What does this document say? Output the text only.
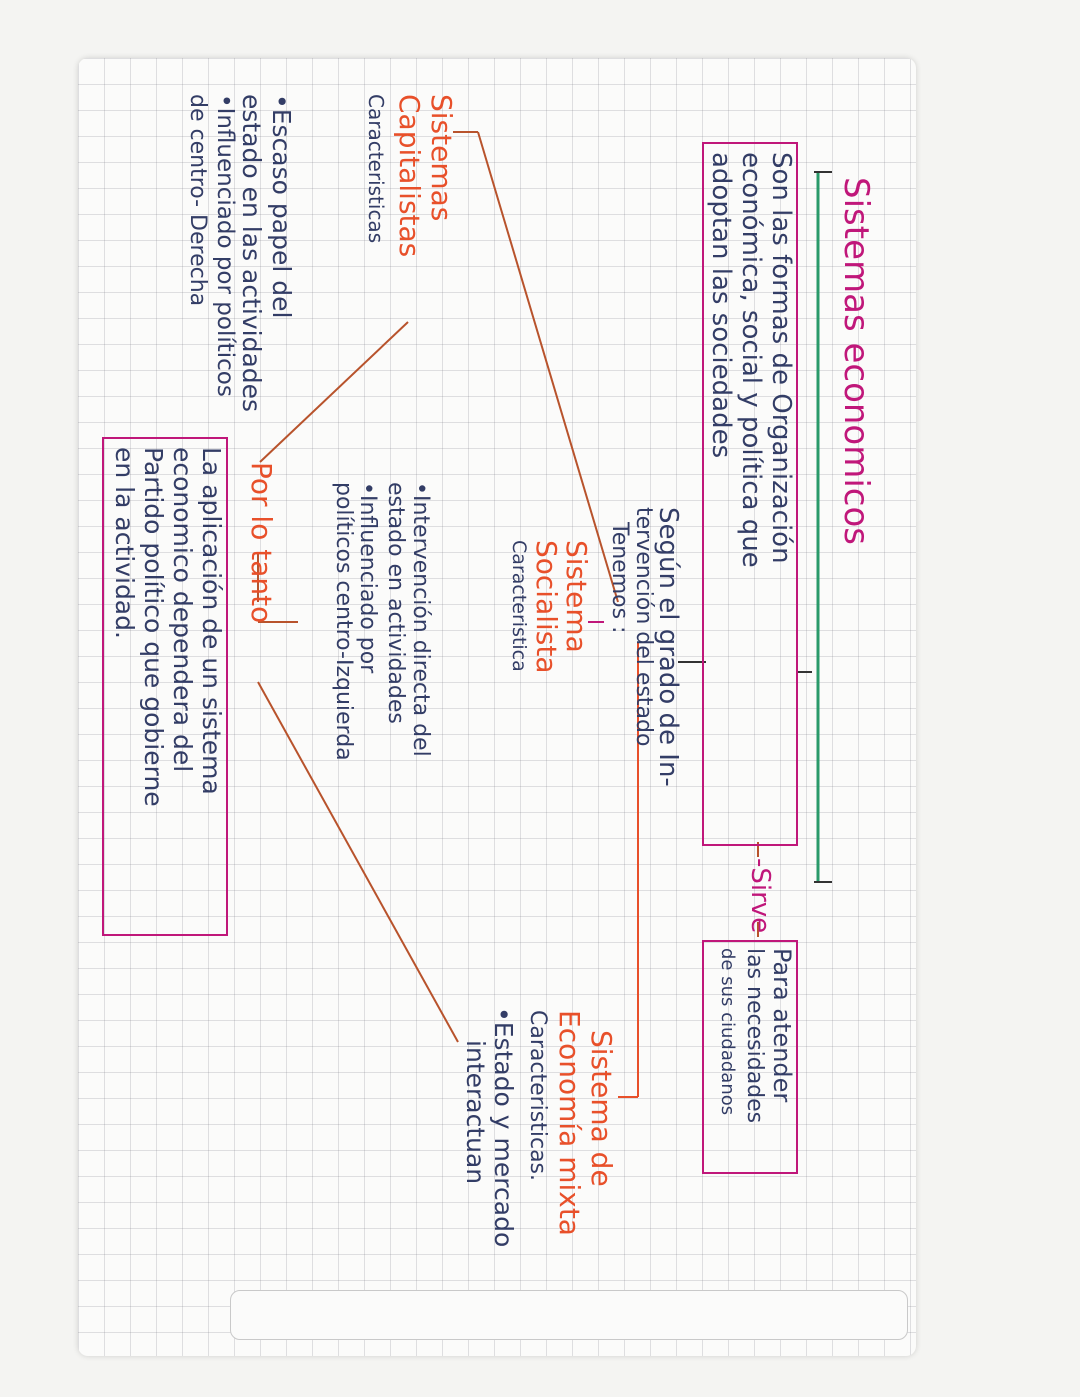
Sistemas economicos
Son las formas de Organización
económica, social y política que
adoptan las sociedades
-Sirve
Para atender
las necesidades
de sus ciudadanos
Según el grado de In-
tervención del estado
Tenemos :
Sistemas
Capitalistas
Caracteristicas
•Escaso papel del
estado en las actividades
•Influenciado por políticos
de centro- Derecha
Sistema
Socialista
Caracteristica
•Intervención directa del
estado en actividades
•Influenciado por
políticos centro-Izquierda
Sistema de
Economía mixta
Caracteristicas.
•Estado y mercado
interactuan
Por lo tanto
La aplicación de un sistema
economico dependera del
Partido político que gobierne
en la actividad.
